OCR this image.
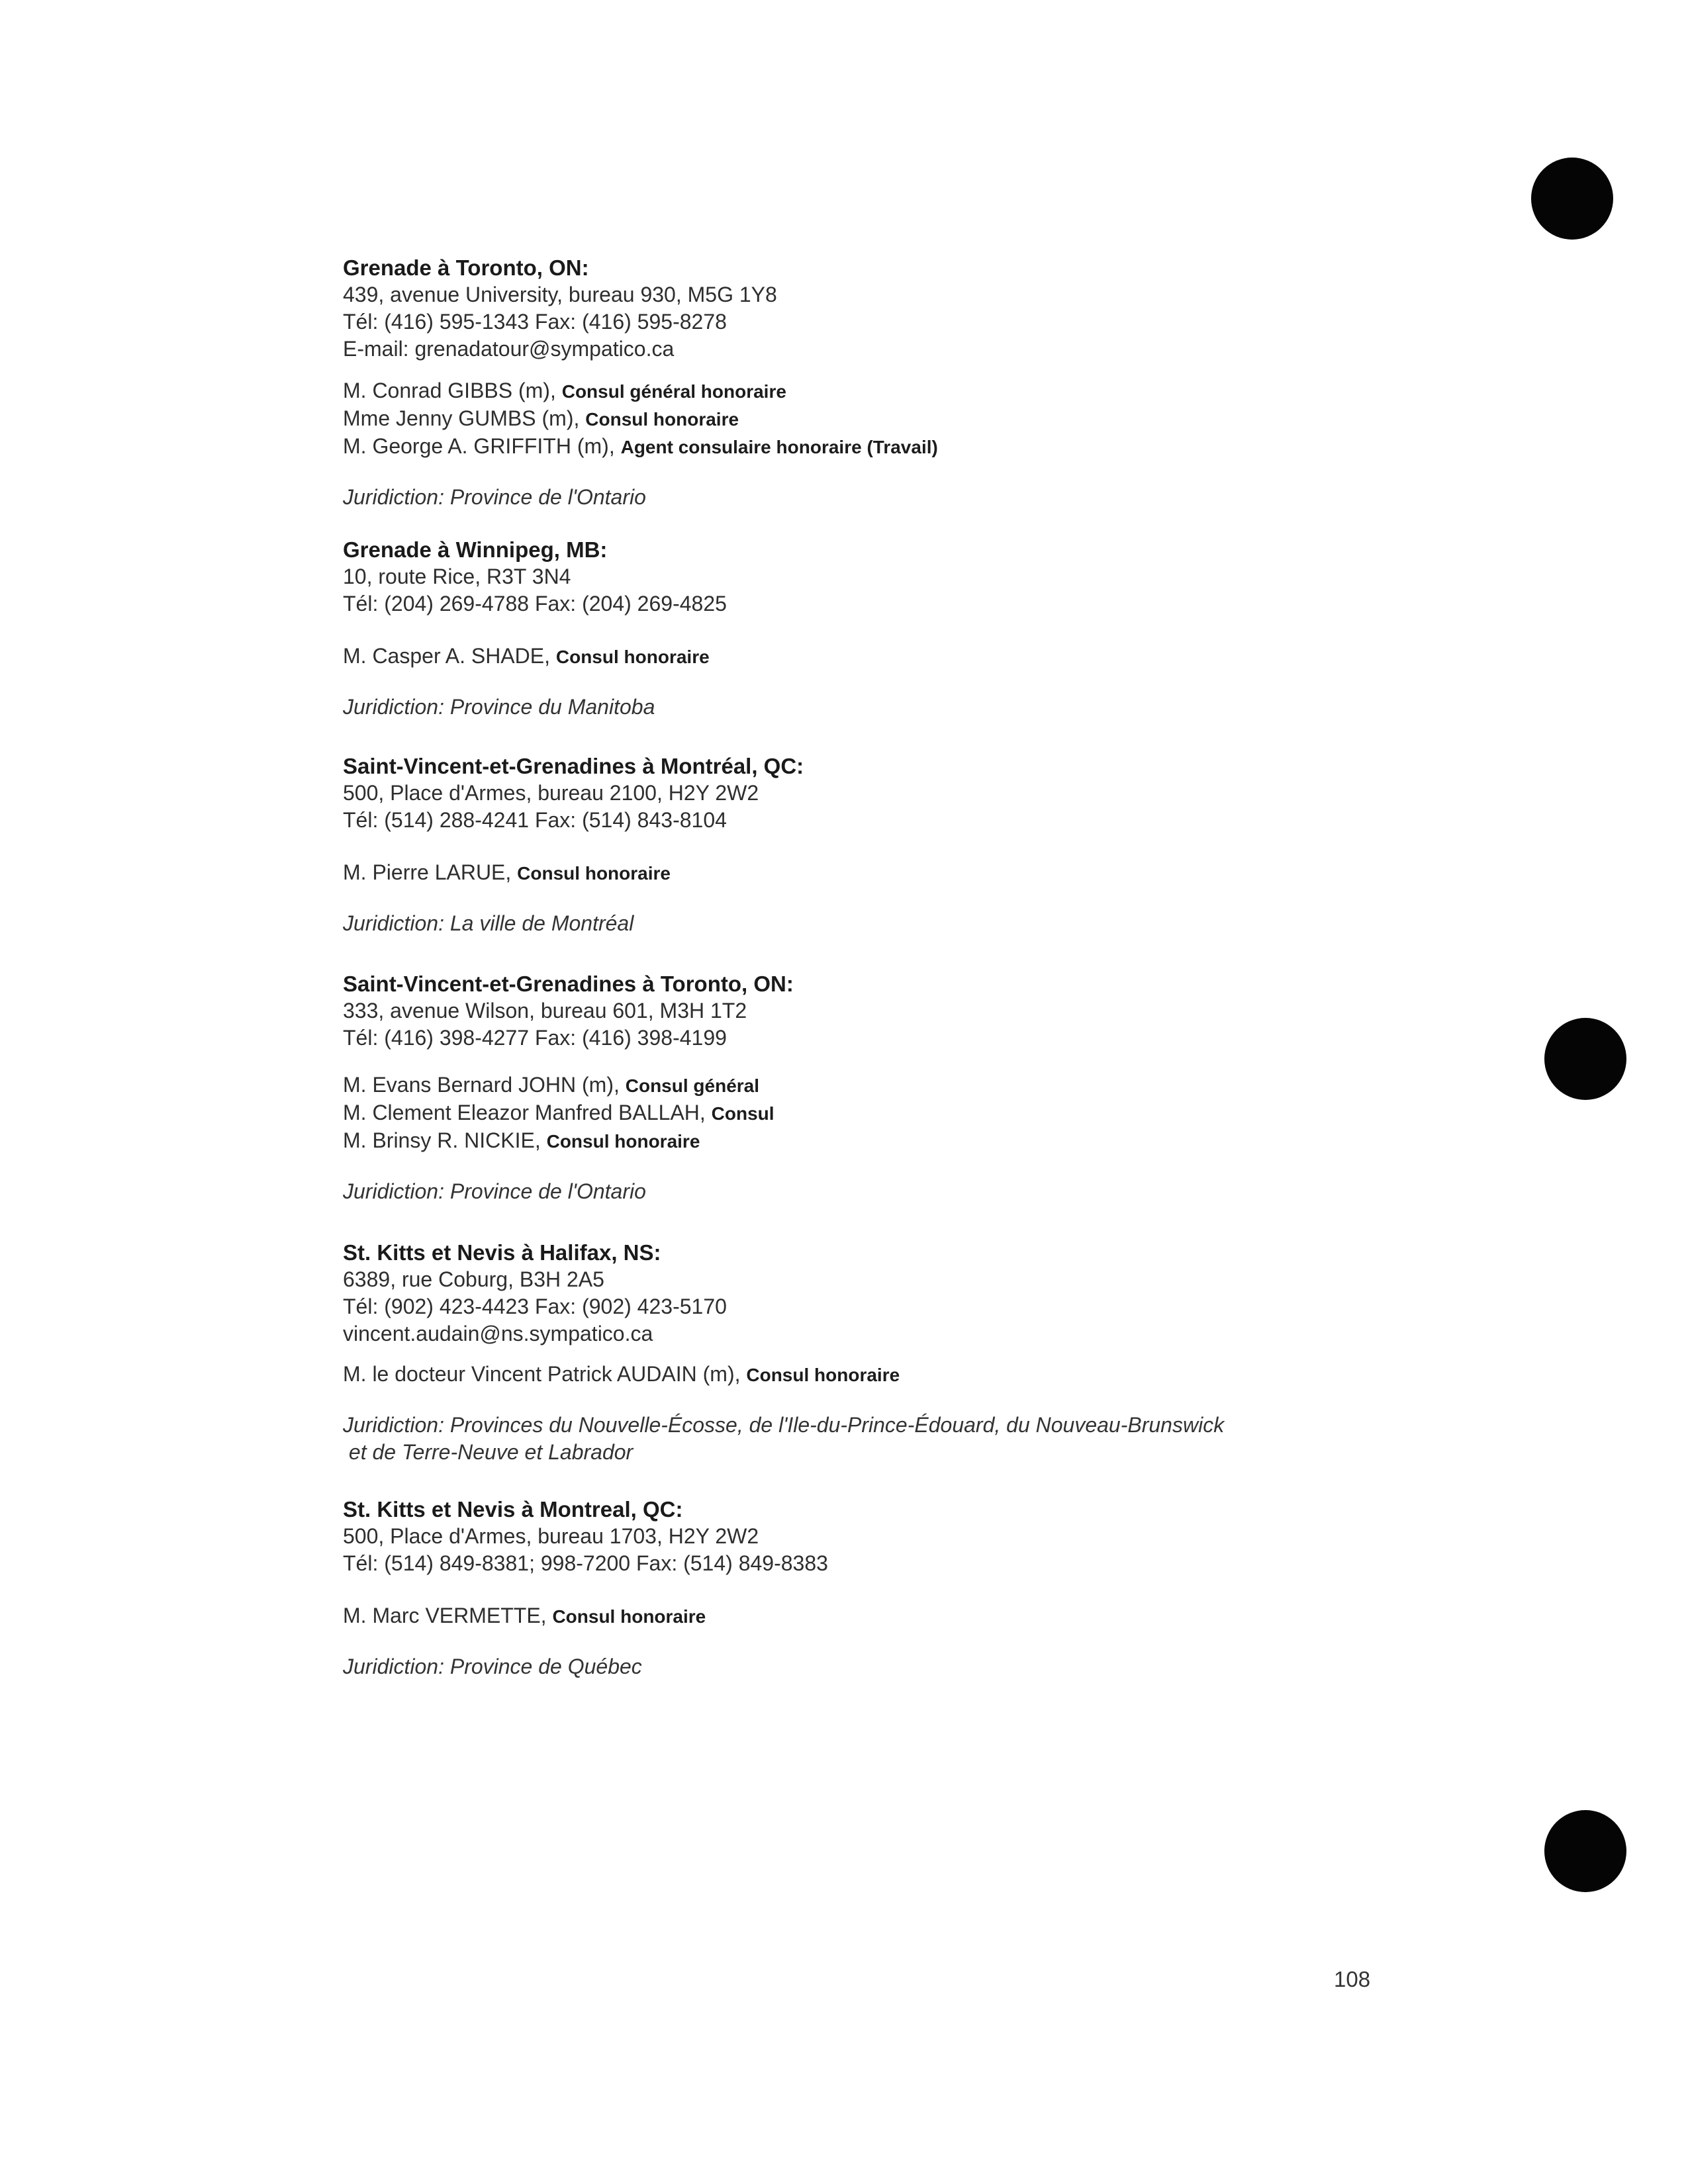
Grenade à Toronto, ON:
439, avenue University, bureau 930, M5G 1Y8
Tél: (416) 595-1343 Fax: (416) 595-8278
E-mail: grenadatour@sympatico.ca
M. Conrad GIBBS (m), Consul général honoraire
Mme Jenny GUMBS (m), Consul honoraire
M. George A. GRIFFITH (m), Agent consulaire honoraire (Travail)
Juridiction: Province de l'Ontario
Grenade à Winnipeg, MB:
10, route Rice, R3T 3N4
Tél: (204) 269-4788 Fax: (204) 269-4825
M. Casper A. SHADE, Consul honoraire
Juridiction: Province du Manitoba
Saint-Vincent-et-Grenadines à Montréal, QC:
500, Place d'Armes, bureau 2100, H2Y 2W2
Tél: (514) 288-4241 Fax: (514) 843-8104
M. Pierre LARUE, Consul honoraire
Juridiction: La ville de Montréal
Saint-Vincent-et-Grenadines à Toronto, ON:
333, avenue Wilson, bureau 601, M3H 1T2
Tél: (416) 398-4277 Fax: (416) 398-4199
M. Evans Bernard JOHN (m), Consul général
M. Clement Eleazor Manfred BALLAH, Consul
M. Brinsy R. NICKIE, Consul honoraire
Juridiction: Province de l'Ontario
St. Kitts et Nevis à Halifax, NS:
6389, rue Coburg, B3H 2A5
Tél: (902) 423-4423 Fax: (902) 423-5170
vincent.audain@ns.sympatico.ca
M. le docteur Vincent Patrick AUDAIN (m), Consul honoraire
Juridiction: Provinces du Nouvelle-Écosse, de l'Ile-du-Prince-Édouard, du Nouveau-Brunswick
et de Terre-Neuve et Labrador
St. Kitts et Nevis à Montreal, QC:
500, Place d'Armes, bureau 1703, H2Y 2W2
Tél: (514) 849-8381; 998-7200 Fax: (514) 849-8383
M. Marc VERMETTE, Consul honoraire
Juridiction: Province de Québec
108
